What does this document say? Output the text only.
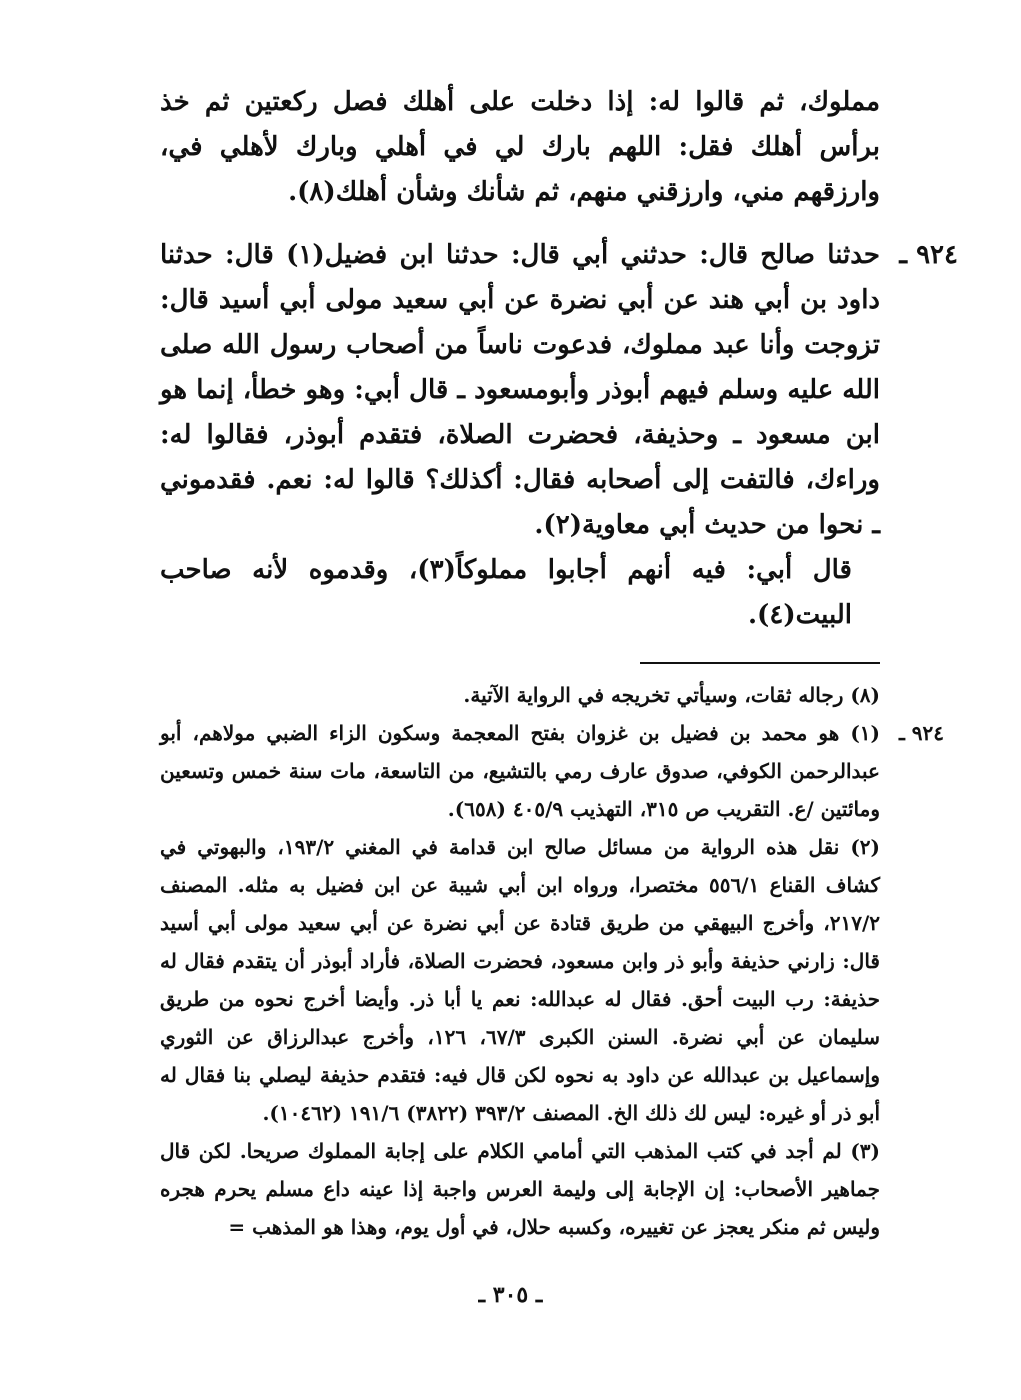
مملوك، ثم قالوا له: إذا دخلت على أهلك فصل ركعتين ثم خذ برأس أهلك فقل: اللهم بارك لي في أهلي وبارك لأهلي في، وارزقهم مني، وارزقني منهم، ثم شأنك وشأن أهلك(٨).

٩٢٤ ـ

حدثنا صالح قال: حدثني أبي قال: حدثنا ابن فضيل(١) قال: حدثنا داود بن أبي هند عن أبي نضرة عن أبي سعيد مولى أبي أسيد قال: تزوجت وأنا عبد مملوك، فدعوت ناساً من أصحاب رسول الله صلى الله عليه وسلم فيهم أبوذر وأبومسعود ـ قال أبي: وهو خطأ، إنما هو ابن مسعود ـ وحذيفة، فحضرت الصلاة، فتقدم أبوذر، فقالوا له: وراءك، فالتفت إلى أصحابه فقال: أكذلك؟ قالوا له: نعم. فقدموني ـ نحوا من حديث أبي معاوية(٢).

قال أبي: فيه أنهم أجابوا مملوكاً(٣)، وقدموه لأنه صاحب البيت(٤).

(٨) رجاله ثقات، وسيأتي تخريجه في الرواية الآتية.

٩٢٤ ـ

(١) هو محمد بن فضيل بن غزوان بفتح المعجمة وسكون الزاء الضبي مولاهم، أبو عبدالرحمن الكوفي، صدوق عارف رمي بالتشيع، من التاسعة، مات سنة خمس وتسعين ومائتين /ع. التقريب ص ٣١٥، التهذيب ٤٠٥/٩ (٦٥٨).

(٢) نقل هذه الرواية من مسائل صالح ابن قدامة في المغني ١٩٣/٢، والبهوتي في كشاف القناع ٥٥٦/١ مختصرا، ورواه ابن أبي شيبة عن ابن فضيل به مثله. المصنف ٢١٧/٢، وأخرج البيهقي من طريق قتادة عن أبي نضرة عن أبي سعيد مولى أبي أسيد قال: زارني حذيفة وأبو ذر وابن مسعود، فحضرت الصلاة، فأراد أبوذر أن يتقدم فقال له حذيفة: رب البيت أحق. فقال له عبدالله: نعم يا أبا ذر. وأيضا أخرج نحوه من طريق سليمان عن أبي نضرة. السنن الكبرى ٦٧/٣، ١٢٦، وأخرج عبدالرزاق عن الثوري وإسماعيل بن عبدالله عن داود به نحوه لكن قال فيه: فتقدم حذيفة ليصلي بنا فقال له أبو ذر أو غيره: ليس لك ذلك الخ. المصنف ٣٩٣/٢ (٣٨٢٢) ١٩١/٦ (١٠٤٦٢).

(٣) لم أجد في كتب المذهب التي أمامي الكلام على إجابة المملوك صريحا. لكن قال جماهير الأصحاب: إن الإجابة إلى وليمة العرس واجبة إذا عينه داع مسلم يحرم هجره وليس ثم منكر يعجز عن تغييره، وكسبه حلال، في أول يوم، وهذا هو المذهب =

ـ ٣٠٥ ـ
